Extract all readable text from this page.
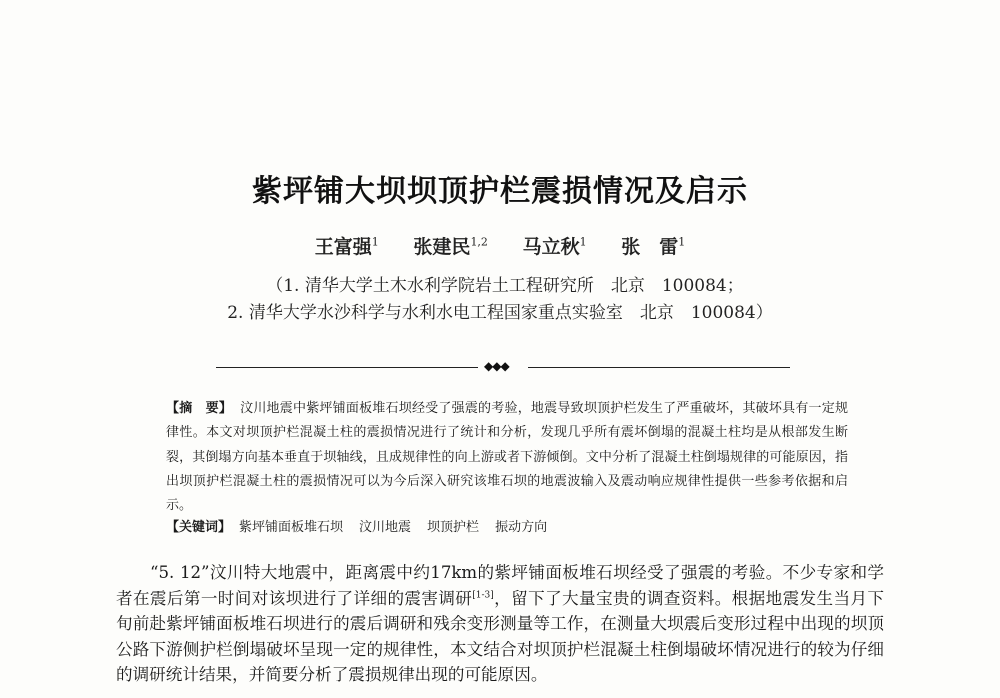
紫坪铺大坝坝顶护栏震损情况及启示
王富强$^1$ 张建民$^{1,2}$ 马立秋$^1$ 张　雷$^1$
（1. 清华大学土木水利学院岩土工程研究所　北京　100084；
2. 清华大学水沙科学与水利水电工程国家重点实验室　北京　100084）
◆◆◆
【摘　要】 汶川地震中紫坪铺面板堆石坝经受了强震的考验，地震导致坝顶护栏发生了严重破坏，其破坏具有一定规律性。本文对坝顶护栏混凝土柱的震损情况进行了统计和分析，发现几乎所有震坏倒塌的混凝土柱均是从根部发生断裂，其倒塌方向基本垂直于坝轴线，且成规律性的向上游或者下游倾倒。文中分析了混凝土柱倒塌规律的可能原因，指出坝顶护栏混凝土柱的震损情况可以为今后深入研究该堆石坝的地震波输入及震动响应规律性提供一些参考依据和启示。
【关键词】 紫坪铺面板堆石坝 汶川地震 坝顶护栏 振动方向
“5. 12”汶川特大地震中，距离震中约17km的紫坪铺面板堆石坝经受了强震的考验。不少专家和学者在震后第一时间对该坝进行了详细的震害调研[1-3]，留下了大量宝贵的调查资料。根据地震发生当月下旬前赴紫坪铺面板堆石坝进行的震后调研和残余变形测量等工作，在测量大坝震后变形过程中出现的坝顶公路下游侧护栏倒塌破坏呈现一定的规律性，本文结合对坝顶护栏混凝土柱倒塌破坏情况进行的较为仔细的调研统计结果，并简要分析了震损规律出现的可能原因。
